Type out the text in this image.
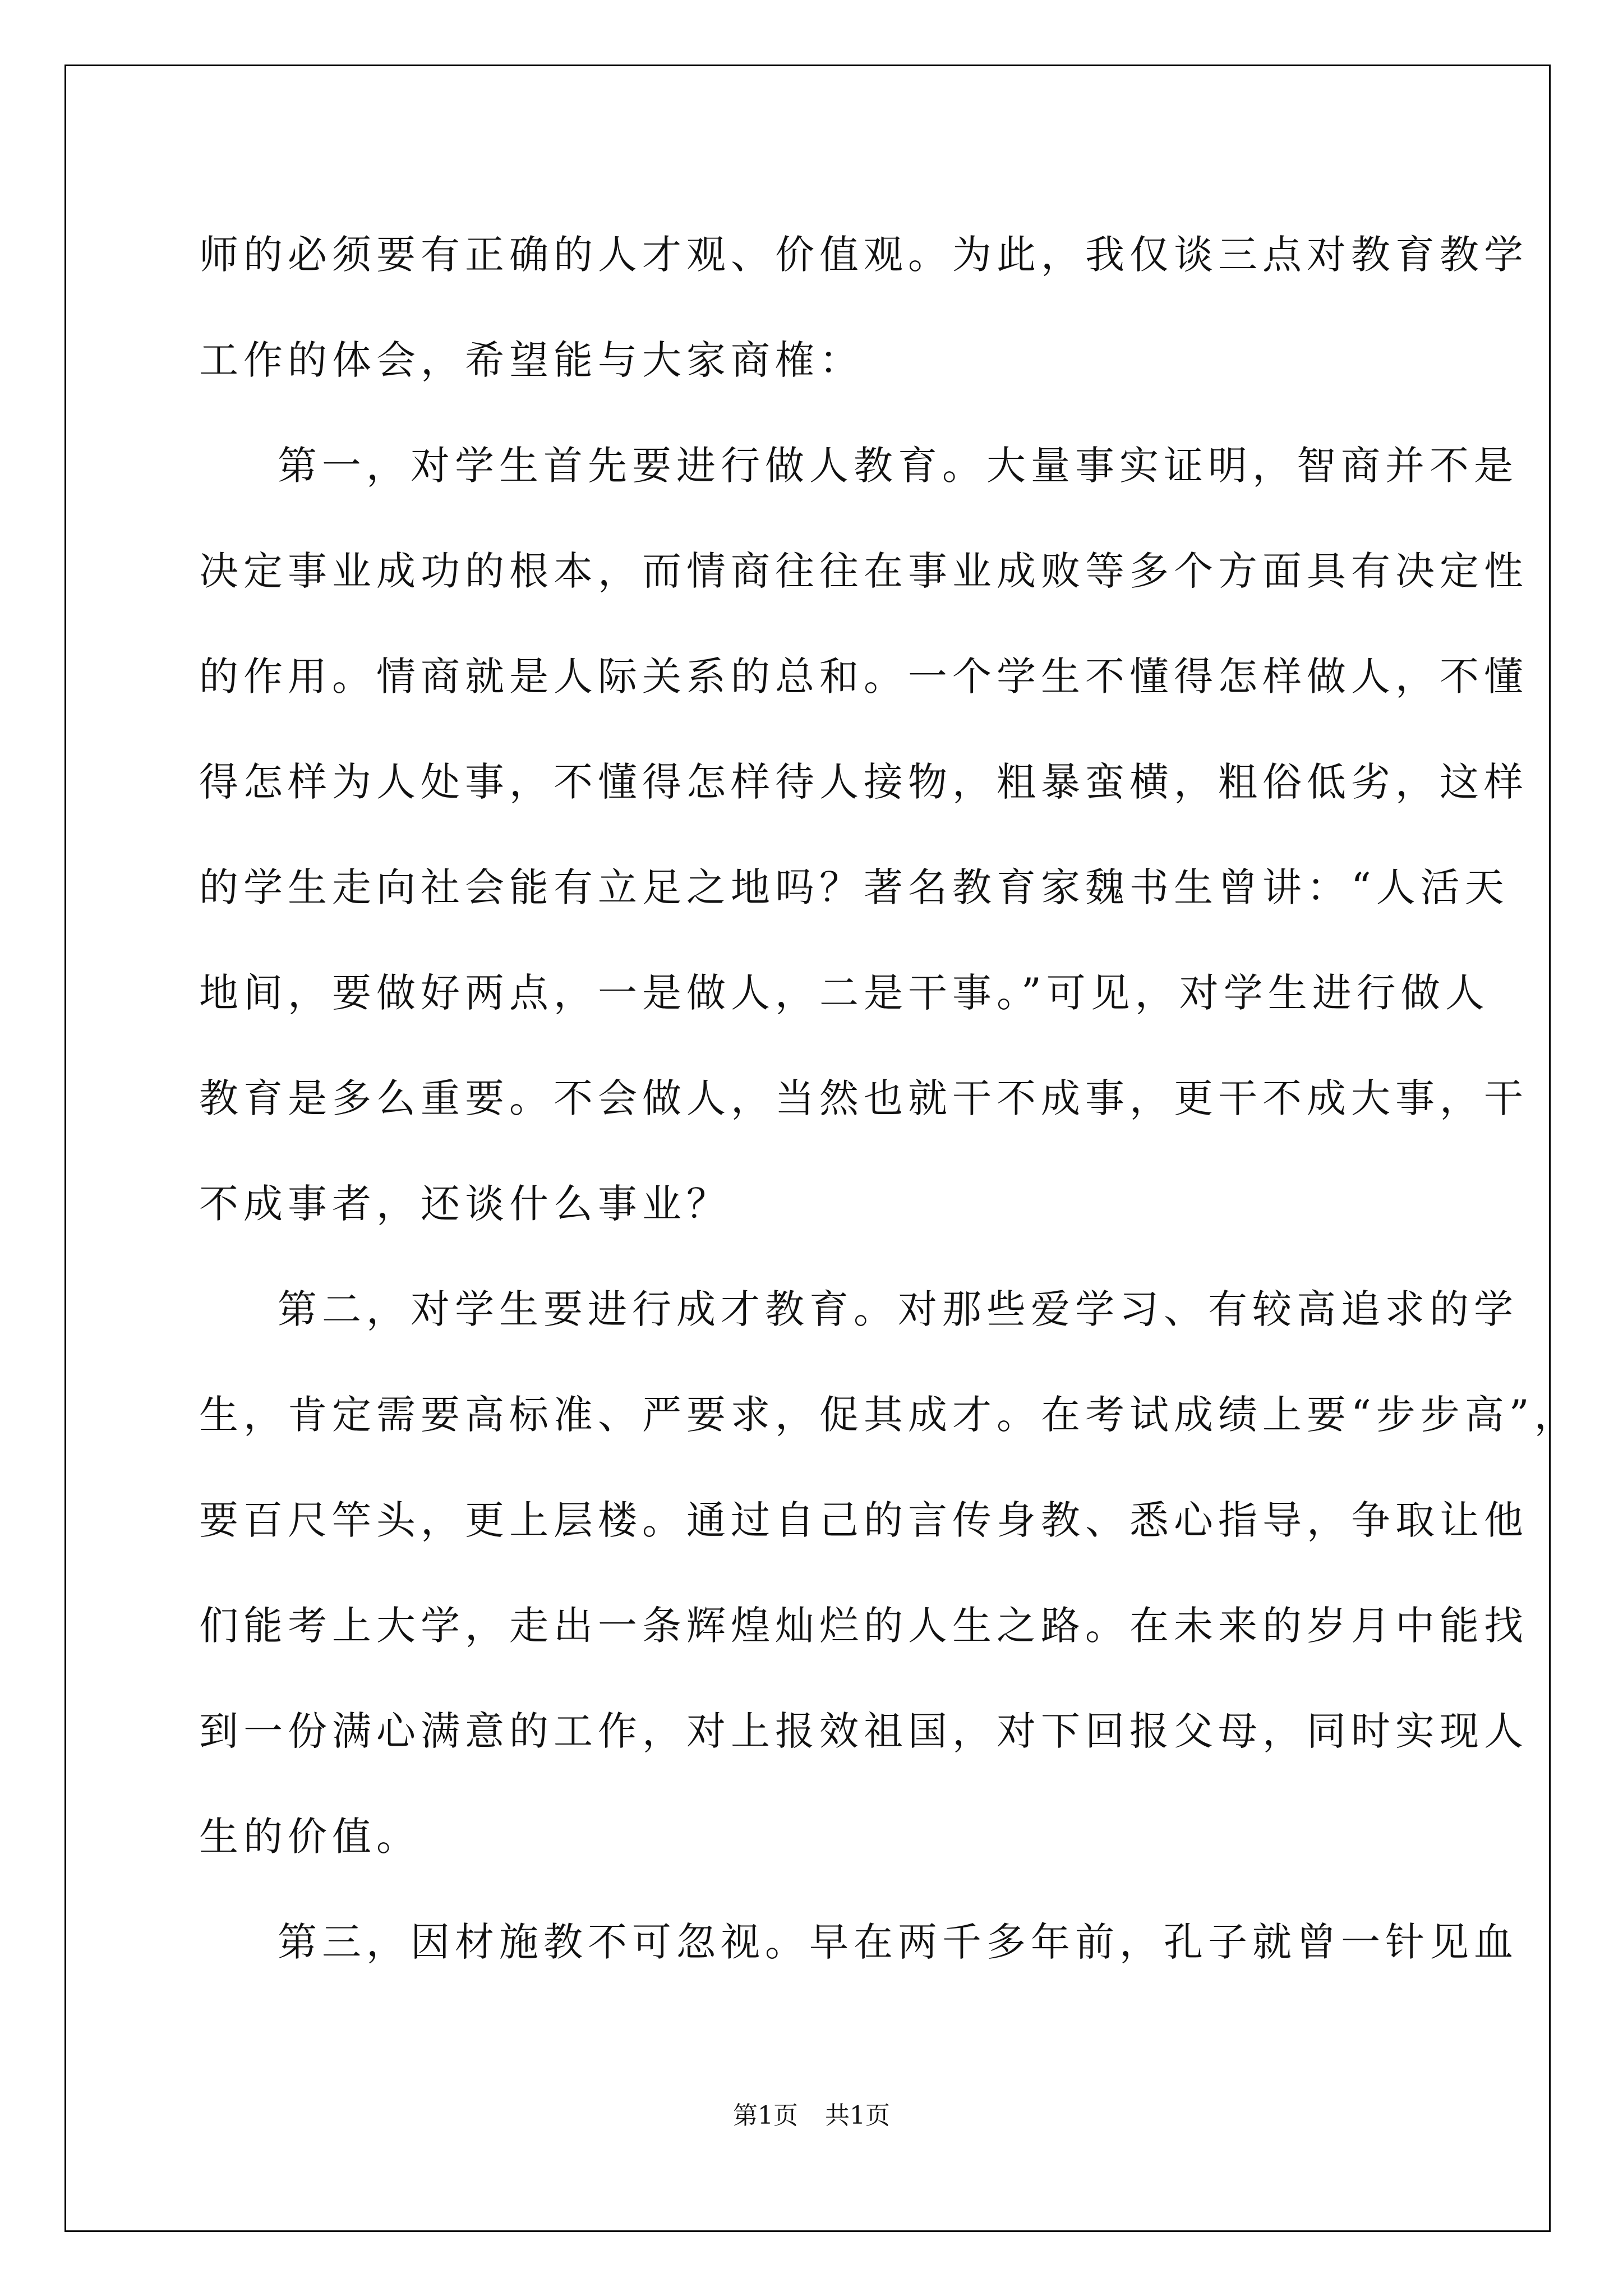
师的必须要有正确的人才观、价值观。为此，我仅谈三点对教育教学
工作的体会，希望能与大家商榷：
第一，对学生首先要进行做人教育。大量事实证明，智商并不是
决定事业成功的根本，而情商往往在事业成败等多个方面具有决定性
的作用。情商就是人际关系的总和。一个学生不懂得怎样做人，不懂
得怎样为人处事，不懂得怎样待人接物，粗暴蛮横，粗俗低劣，这样
的学生走向社会能有立足之地吗？著名教育家魏书生曾讲：“人活天
地间，要做好两点，一是做人，二是干事。”可见，对学生进行做人
教育是多么重要。不会做人，当然也就干不成事，更干不成大事，干
不成事者，还谈什么事业？
第二，对学生要进行成才教育。对那些爱学习、有较高追求的学
生，肯定需要高标准、严要求，促其成才。在考试成绩上要“步步高”，
要百尺竿头，更上层楼。通过自己的言传身教、悉心指导，争取让他
们能考上大学，走出一条辉煌灿烂的人生之路。在未来的岁月中能找
到一份满心满意的工作，对上报效祖国，对下回报父母，同时实现人
生的价值。
第三，因材施教不可忽视。早在两千多年前，孔子就曾一针见血
第1页 共1页
